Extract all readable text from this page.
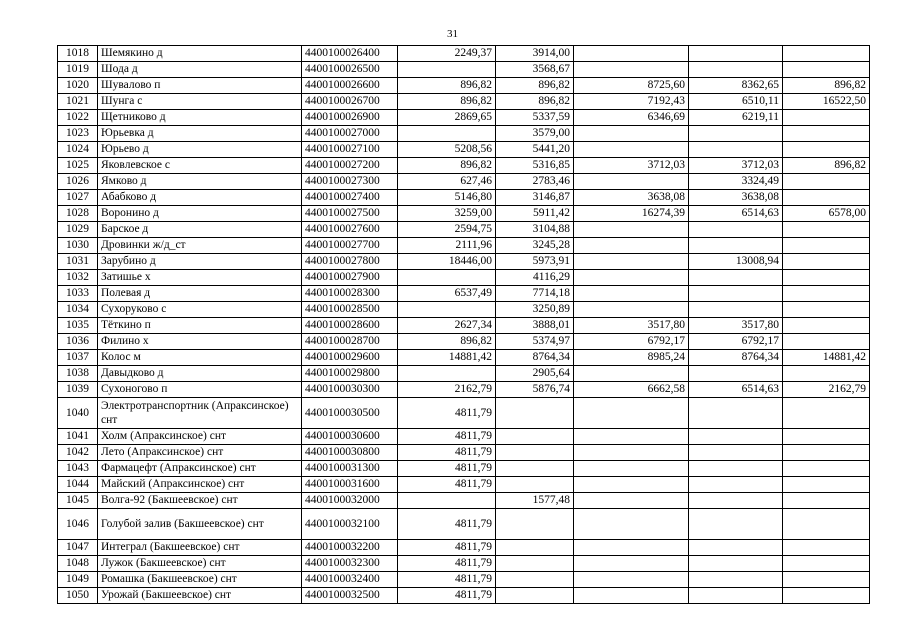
31
1018	Шемякино д	4400100026400	2249,37	3914,00			
1019	Шода д	4400100026500		3568,67			
1020	Шувалово п	4400100026600	896,82	896,82	8725,60	8362,65	896,82
1021	Шунга с	4400100026700	896,82	896,82	7192,43	6510,11	16522,50
1022	Щетниково д	4400100026900	2869,65	5337,59	6346,69	6219,11	
1023	Юрьевка д	4400100027000		3579,00			
1024	Юрьево д	4400100027100	5208,56	5441,20			
1025	Яковлевское с	4400100027200	896,82	5316,85	3712,03	3712,03	896,82
1026	Ямково д	4400100027300	627,46	2783,46		3324,49	
1027	Абабково д	4400100027400	5146,80	3146,87	3638,08	3638,08	
1028	Воронино д	4400100027500	3259,00	5911,42	16274,39	6514,63	6578,00
1029	Барское д	4400100027600	2594,75	3104,88			
1030	Дровинки ж/д_ст	4400100027700	2111,96	3245,28			
1031	Зарубино д	4400100027800	18446,00	5973,91		13008,94	
1032	Затишье х	4400100027900		4116,29			
1033	Полевая д	4400100028300	6537,49	7714,18			
1034	Сухоруково с	4400100028500		3250,89			
1035	Тёткино п	4400100028600	2627,34	3888,01	3517,80	3517,80	
1036	Филино х	4400100028700	896,82	5374,97	6792,17	6792,17	
1037	Колос м	4400100029600	14881,42	8764,34	8985,24	8764,34	14881,42
1038	Давыдково д	4400100029800		2905,64			
1039	Сухоногово п	4400100030300	2162,79	5876,74	6662,58	6514,63	2162,79
1040	Электротранспортник (Апраксинское) снт	4400100030500	4811,79				
1041	Холм (Апраксинское) снт	4400100030600	4811,79				
1042	Лето (Апраксинское) снт	4400100030800	4811,79				
1043	Фармацефт (Апраксинское) снт	4400100031300	4811,79				
1044	Майский (Апраксинское) снт	4400100031600	4811,79				
1045	Волга-92 (Бакшеевское) снт	4400100032000		1577,48			
1046	Голубой залив (Бакшеевское) снт	4400100032100	4811,79				
1047	Интеграл (Бакшеевское) снт	4400100032200	4811,79				
1048	Лужок (Бакшеевское) снт	4400100032300	4811,79				
1049	Ромашка (Бакшеевское) снт	4400100032400	4811,79				
1050	Урожай (Бакшеевское) снт	4400100032500	4811,79				
